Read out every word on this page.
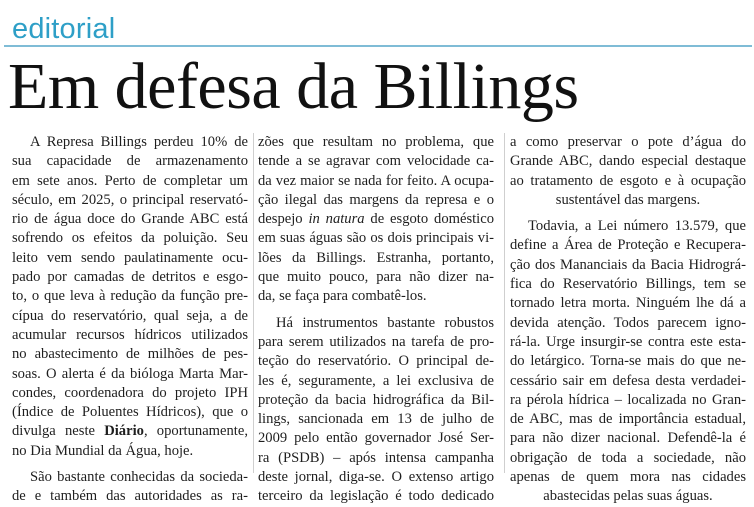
editorial
Em defesa da Billings
A Represa Billings perdeu 10% de
sua capacidade de armazenamento
em sete anos. Perto de completar um
século, em 2025, o principal reservató-
rio de água doce do Grande ABC está
sofrendo os efeitos da poluição. Seu
leito vem sendo paulatinamente ocu-
pado por camadas de detritos e esgo-
to, o que leva à redução da função pre-
cípua do reservatório, qual seja, a de
acumular recursos hídricos utilizados
no abastecimento de milhões de pes-
soas. O alerta é da bióloga Marta Mar-
condes, coordenadora do projeto IPH
(Índice de Poluentes Hídricos), que o
divulga neste Diário, oportunamente,
no Dia Mundial da Água, hoje.
São bastante conhecidas da socieda-
de e também das autoridades as ra-
zões que resultam no problema, que
tende a se agravar com velocidade ca-
da vez maior se nada for feito. A ocupa-
ção ilegal das margens da represa e o
despejo in natura de esgoto doméstico
em suas águas são os dois principais vi-
lões da Billings. Estranha, portanto,
que muito pouco, para não dizer na-
da, se faça para combatê-los.
Há instrumentos bastante robustos
para serem utilizados na tarefa de pro-
teção do reservatório. O principal de-
les é, seguramente, a lei exclusiva de
proteção da bacia hidrográfica da Bil-
lings, sancionada em 13 de julho de
2009 pelo então governador José Ser-
ra (PSDB) – após intensa campanha
deste jornal, diga-se. O extenso artigo
terceiro da legislação é todo dedicado
a como preservar o pote d’água do
Grande ABC, dando especial destaque
ao tratamento de esgoto e à ocupação
sustentável das margens.
Todavia, a Lei número 13.579, que
define a Área de Proteção e Recupera-
ção dos Mananciais da Bacia Hidrográ-
fica do Reservatório Billings, tem se
tornado letra morta. Ninguém lhe dá a
devida atenção. Todos parecem igno-
rá-la. Urge insurgir-se contra este esta-
do letárgico. Torna-se mais do que ne-
cessário sair em defesa desta verdadei-
ra pérola hídrica – localizada no Gran-
de ABC, mas de importância estadual,
para não dizer nacional. Defendê-la é
obrigação de toda a sociedade, não
apenas de quem mora nas cidades
abastecidas pelas suas águas.
